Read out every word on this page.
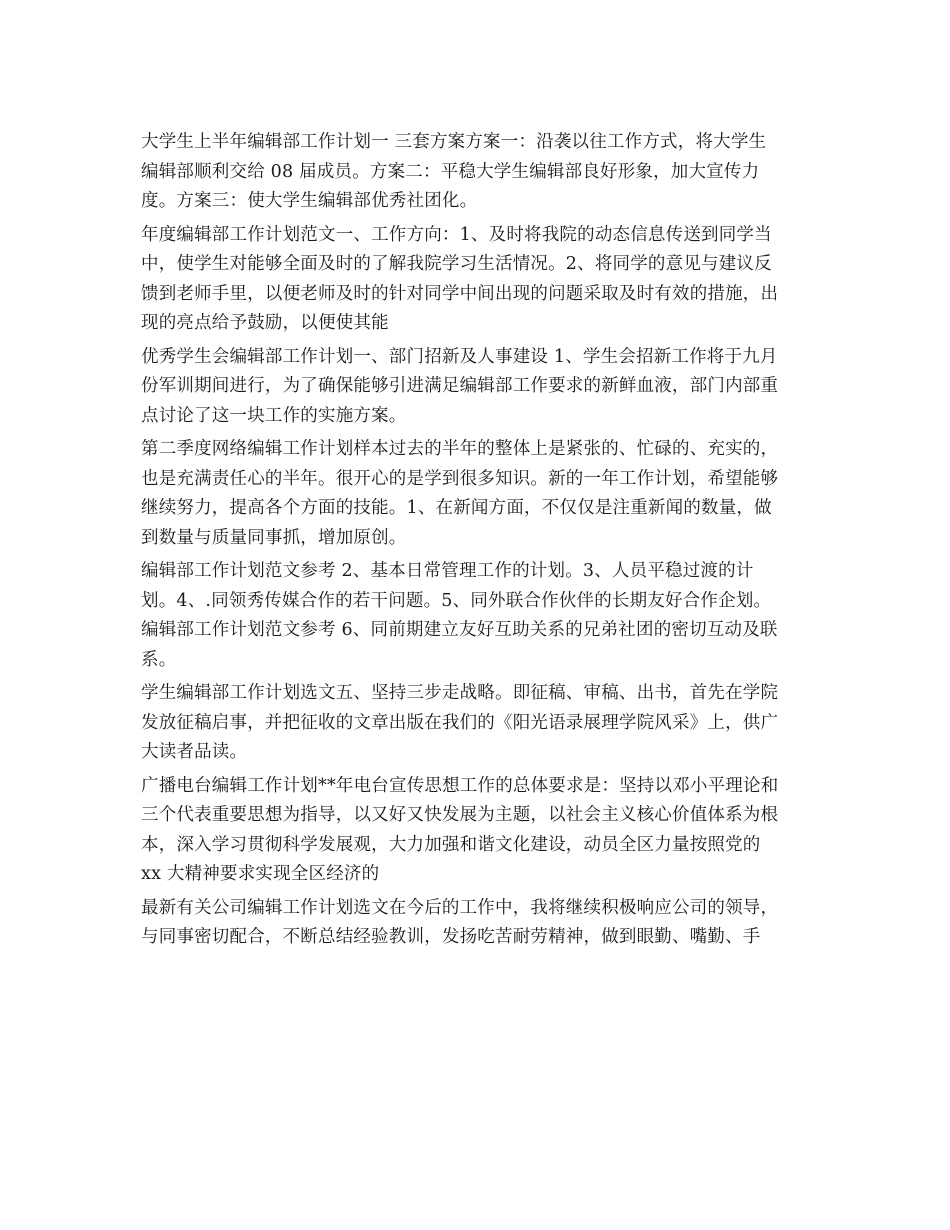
大学生上半年编辑部工作计划一 三套方案方案一：沿袭以往工作方式，将大学生
编辑部顺利交给 08 届成员。方案二：平稳大学生编辑部良好形象，加大宣传力
度。方案三：使大学生编辑部优秀社团化。

年度编辑部工作计划范文一、工作方向：1、及时将我院的动态信息传送到同学当
中，使学生对能够全面及时的了解我院学习生活情况。2、将同学的意见与建议反
馈到老师手里，以便老师及时的针对同学中间出现的问题采取及时有效的措施，出
现的亮点给予鼓励，以便使其能

优秀学生会编辑部工作计划一、部门招新及人事建设 1、学生会招新工作将于九月
份军训期间进行，为了确保能够引进满足编辑部工作要求的新鲜血液，部门内部重
点讨论了这一块工作的实施方案。

第二季度网络编辑工作计划样本过去的半年的整体上是紧张的、忙碌的、充实的，
也是充满责任心的半年。很开心的是学到很多知识。新的一年工作计划，希望能够
继续努力，提高各个方面的技能。1、在新闻方面，不仅仅是注重新闻的数量，做
到数量与质量同事抓，增加原创。

编辑部工作计划范文参考 2、基本日常管理工作的计划。3、人员平稳过渡的计
划。4、.同领秀传媒合作的若干问题。5、同外联合作伙伴的长期友好合作企划。
编辑部工作计划范文参考 6、同前期建立友好互助关系的兄弟社团的密切互动及联
系。

学生编辑部工作计划选文五、坚持三步走战略。即征稿、审稿、出书，首先在学院
发放征稿启事，并把征收的文章出版在我们的《阳光语录展理学院风采》上，供广
大读者品读。

广播电台编辑工作计划**年电台宣传思想工作的总体要求是：坚持以邓小平理论和
三个代表重要思想为指导，以又好又快发展为主题，以社会主义核心价值体系为根
本，深入学习贯彻科学发展观，大力加强和谐文化建设，动员全区力量按照党的
xx 大精神要求实现全区经济的

最新有关公司编辑工作计划选文在今后的工作中，我将继续积极响应公司的领导，
与同事密切配合，不断总结经验教训，发扬吃苦耐劳精神，做到眼勤、嘴勤、手
